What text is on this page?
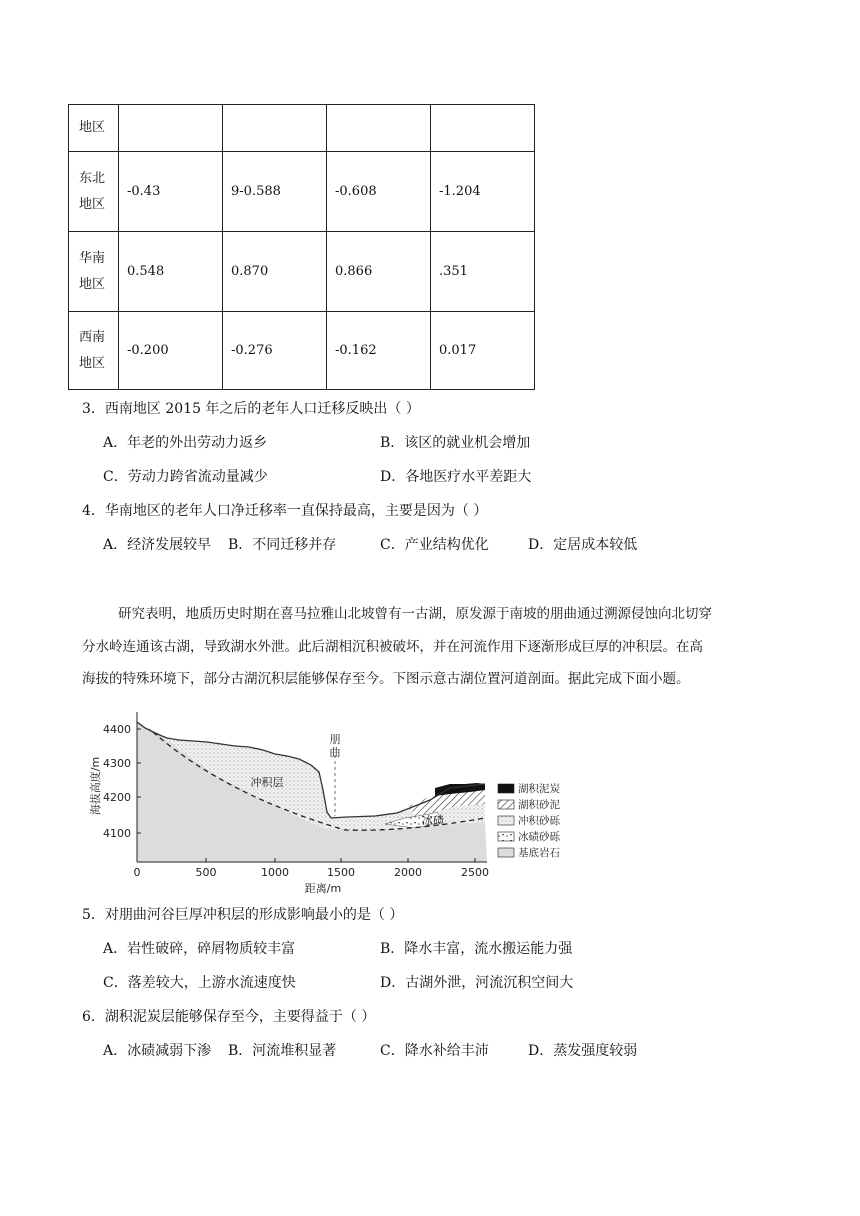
地区				

东北
地区	-0.43	9-0.588	-0.608	-1.204

华南
地区	0.548	0.870	0.866	.351

西南
地区	-0.200	-0.276	-0.162	0.017
3．西南地区 2015 年之后的老年人口迁移反映出（ ）
A．年老的外出劳动力返乡	B．该区的就业机会增加
C．劳动力跨省流动量减少	D．各地医疗水平差距大
4．华南地区的老年人口净迁移率一直保持最高，主要是因为（ ）
A．经济发展较早 B．不同迁移并存	C．产业结构优化	D．定居成本较低
研究表明，地质历史时期在喜马拉雅山北坡曾有一古湖，原发源于南坡的朋曲通过溯源侵蚀向北切穿
分水岭连通该古湖，导致湖水外泄。此后湖相沉积被破坏，并在河流作用下逐渐形成巨厚的冲积层。在高
海拔的特殊环境下，部分古湖沉积层能够保存至今。下图示意古湖位置河道剖面。据此完成下面小题。
4400
4300
4200
4100
0	500	1000	1500	2000	2500
距离/m
海拔高度/m
朋
曲
冲积层
冰碛
湖积泥炭
湖积砂泥
冲积砂砾
冰碛砂砾
基底岩石
5．对朋曲河谷巨厚冲积层的形成影响最小的是（ ）
A．岩性破碎，碎屑物质较丰富	B．降水丰富，流水搬运能力强
C．落差较大，上游水流速度快	D．古湖外泄，河流沉积空间大
6．湖积泥炭层能够保存至今，主要得益于（ ）
A．冰碛减弱下渗 B．河流堆积显著	C．降水补给丰沛	D．蒸发强度较弱
